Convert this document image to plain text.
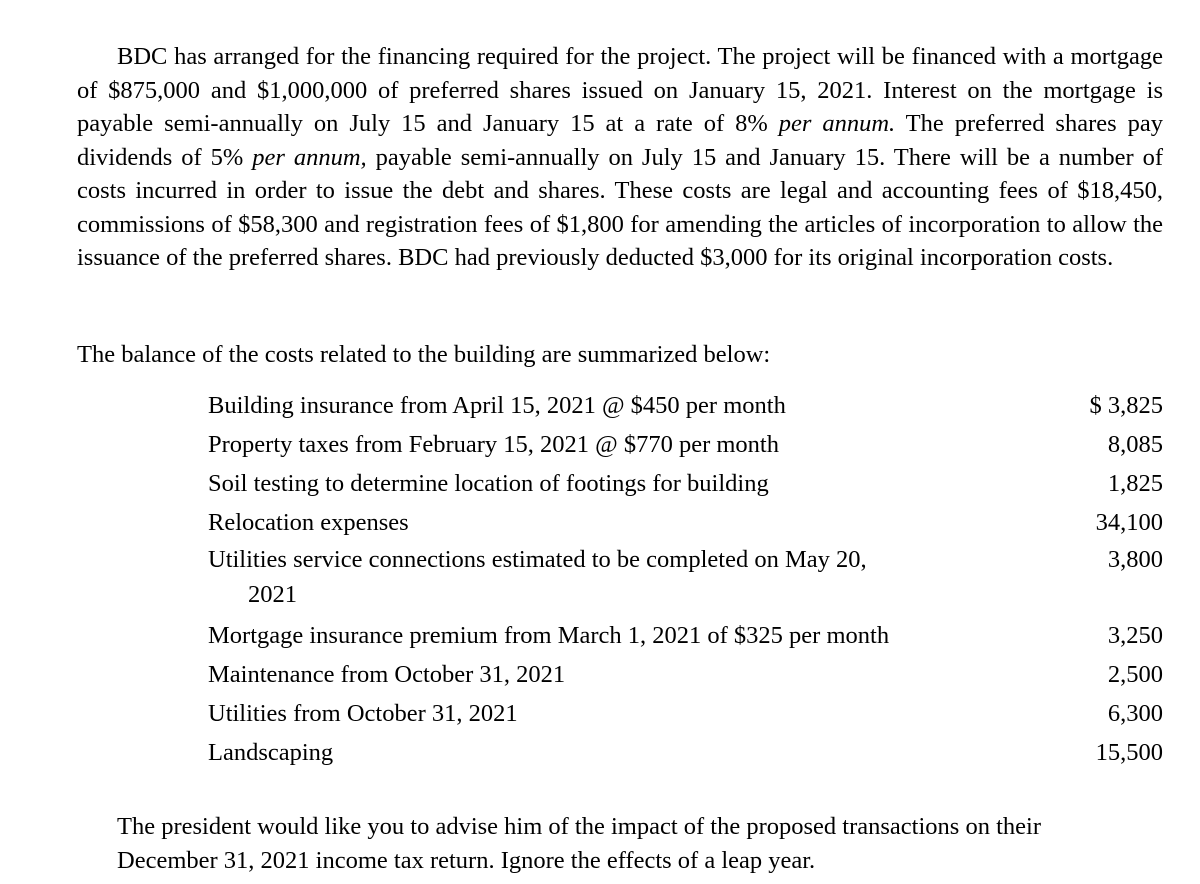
BDC has arranged for the financing required for the project. The project will be financed with a mortgage of $875,000 and $1,000,000 of preferred shares issued on January 15, 2021. Interest on the mortgage is payable semi-annually on July 15 and January 15 at a rate of 8% per annum. The preferred shares pay dividends of 5% per annum, payable semi-annually on July 15 and January 15. There will be a number of costs incurred in order to issue the debt and shares. These costs are legal and accounting fees of $18,450, commissions of $58,300 and registration fees of $1,800 for amending the articles of incorporation to allow the issuance of the preferred shares. BDC had previously deducted $3,000 for its original incorporation costs.

The balance of the costs related to the building are summarized below:

Building insurance from April 15, 2021 @ $450 per month	$ 3,825
Property taxes from February 15, 2021 @ $770 per month	8,085
Soil testing to determine location of footings for building	1,825
Relocation expenses	34,100

Utilities service connections estimated to be completed on May 20,
2021	3,800
Mortgage insurance premium from March 1, 2021 of $325 per month	3,250
Maintenance from October 31, 2021	2,500
Utilities from October 31, 2021	6,300
Landscaping	15,500

The president would like you to advise him of the impact of the proposed transactions on their
December 31, 2021 income tax return. Ignore the effects of a leap year.
